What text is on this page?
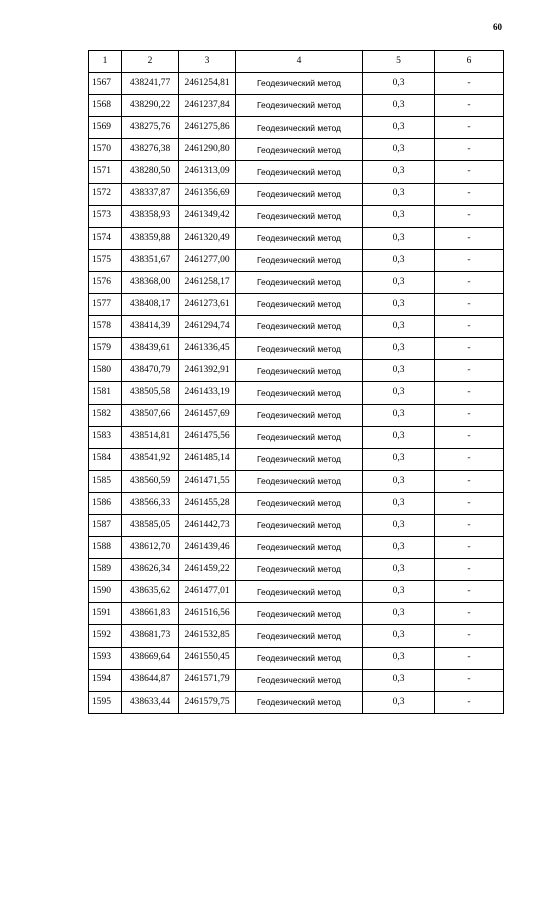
60
1	2	3	4	5	6
1567	438241,77	2461254,81	Геодезический метод	0,3	-
1568	438290,22	2461237,84	Геодезический метод	0,3	-
1569	438275,76	2461275,86	Геодезический метод	0,3	-
1570	438276,38	2461290,80	Геодезический метод	0,3	-
1571	438280,50	2461313,09	Геодезический метод	0,3	-
1572	438337,87	2461356,69	Геодезический метод	0,3	-
1573	438358,93	2461349,42	Геодезический метод	0,3	-
1574	438359,88	2461320,49	Геодезический метод	0,3	-
1575	438351,67	2461277,00	Геодезический метод	0,3	-
1576	438368,00	2461258,17	Геодезический метод	0,3	-
1577	438408,17	2461273,61	Геодезический метод	0,3	-
1578	438414,39	2461294,74	Геодезический метод	0,3	-
1579	438439,61	2461336,45	Геодезический метод	0,3	-
1580	438470,79	2461392,91	Геодезический метод	0,3	-
1581	438505,58	2461433,19	Геодезический метод	0,3	-
1582	438507,66	2461457,69	Геодезический метод	0,3	-
1583	438514,81	2461475,56	Геодезический метод	0,3	-
1584	438541,92	2461485,14	Геодезический метод	0,3	-
1585	438560,59	2461471,55	Геодезический метод	0,3	-
1586	438566,33	2461455,28	Геодезический метод	0,3	-
1587	438585,05	2461442,73	Геодезический метод	0,3	-
1588	438612,70	2461439,46	Геодезический метод	0,3	-
1589	438626,34	2461459,22	Геодезический метод	0,3	-
1590	438635,62	2461477,01	Геодезический метод	0,3	-
1591	438661,83	2461516,56	Геодезический метод	0,3	-
1592	438681,73	2461532,85	Геодезический метод	0,3	-
1593	438669,64	2461550,45	Геодезический метод	0,3	-
1594	438644,87	2461571,79	Геодезический метод	0,3	-
1595	438633,44	2461579,75	Геодезический метод	0,3	-
